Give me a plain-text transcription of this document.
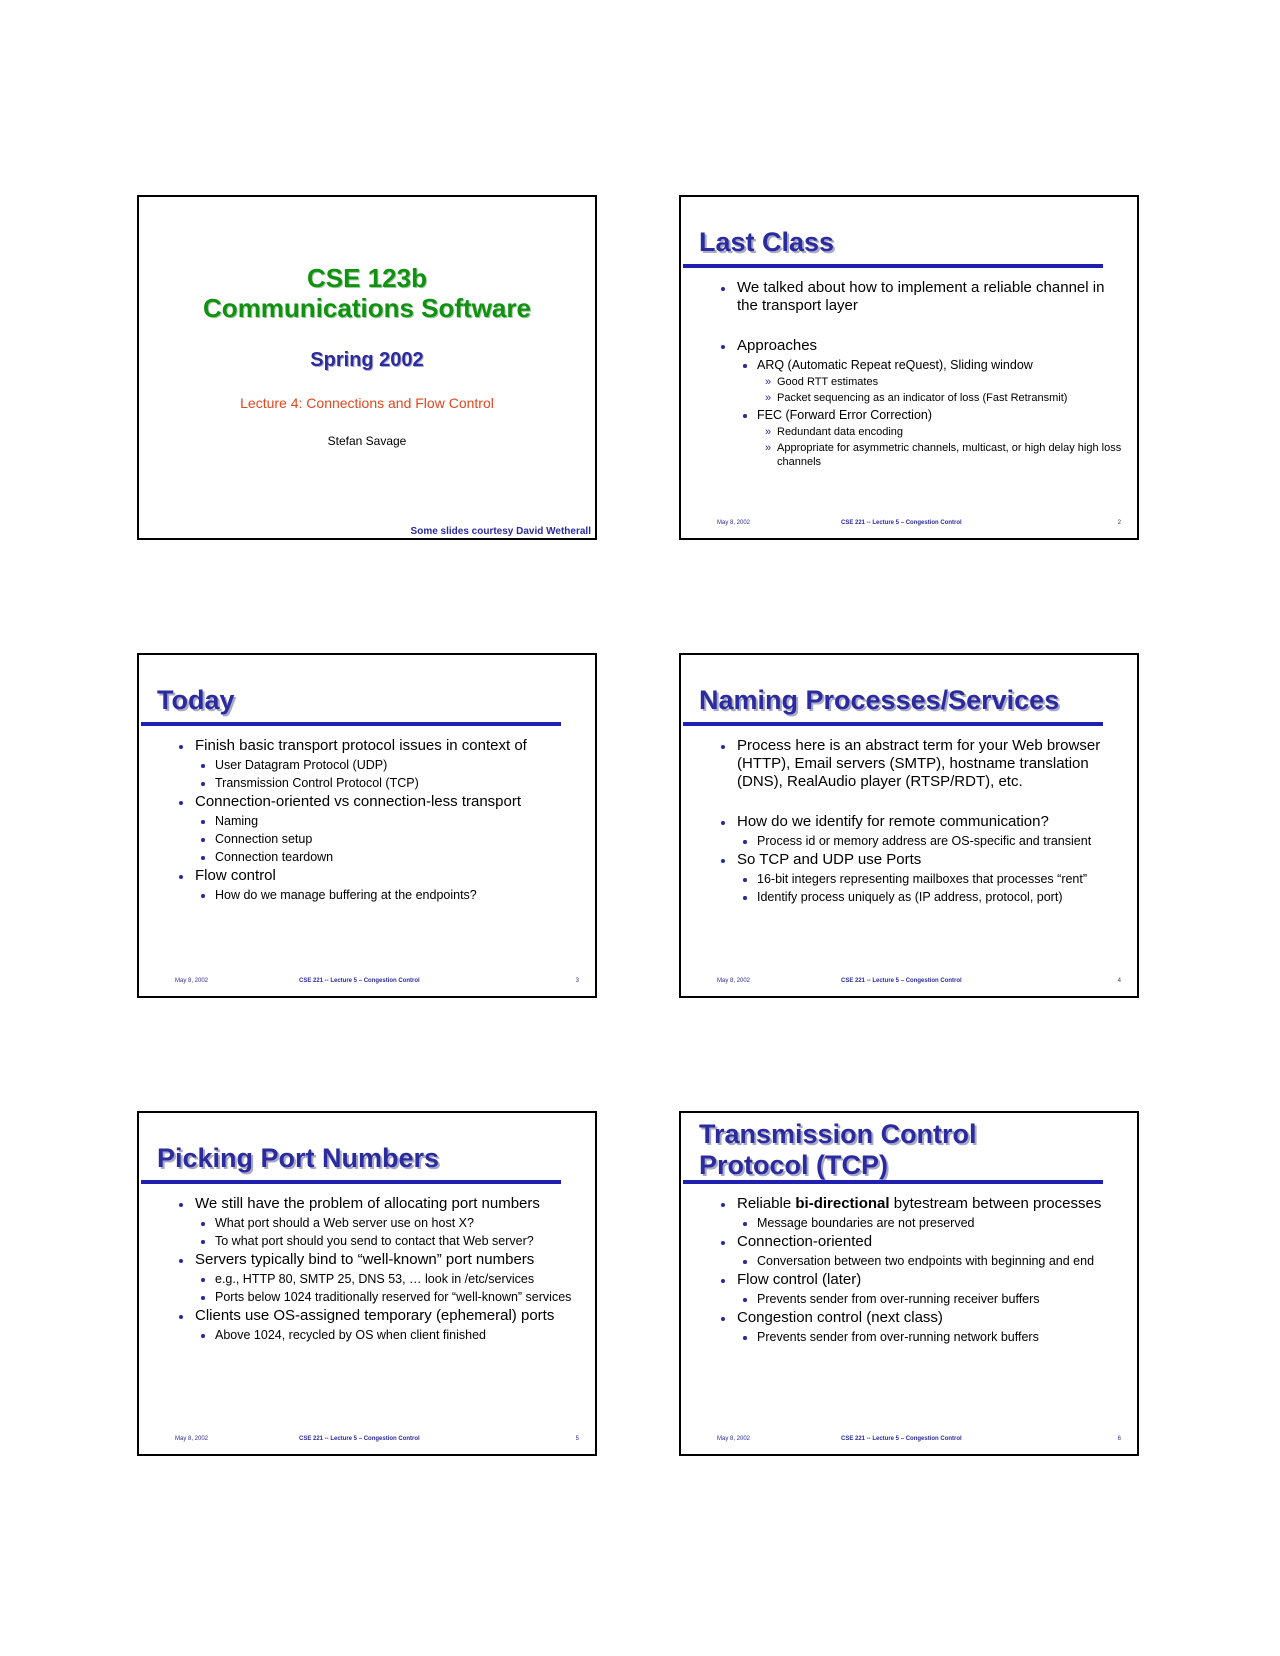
CSE 123b
Communications Software
Spring 2002
Lecture 4: Connections and Flow Control
Stefan Savage
Some slides courtesy David Wetherall
Last Class
We talked about how to implement a reliable channel in the transport layer
Approaches
ARQ (Automatic Repeat reQuest), Sliding window
» Good RTT estimates
» Packet sequencing as an indicator of loss (Fast Retransmit)
FEC (Forward Error Correction)
» Redundant data encoding
» Appropriate for asymmetric channels, multicast, or high delay high loss channels
May 8, 2002	CSE 221 -- Lecture 5 – Congestion Control	2
Today
Finish basic transport protocol issues in context of
User Datagram Protocol (UDP)
Transmission Control Protocol (TCP)
Connection-oriented vs connection-less transport
Naming
Connection setup
Connection teardown
Flow control
How do we manage buffering at the endpoints?
May 8, 2002	CSE 221 -- Lecture 5 – Congestion Control	3
Naming Processes/Services
Process here is an abstract term for your Web browser (HTTP), Email servers (SMTP), hostname translation (DNS), RealAudio player (RTSP/RDT), etc.
How do we identify for remote communication?
Process id or memory address are OS-specific and transient
So TCP and UDP use Ports
16-bit integers representing mailboxes that processes “rent”
Identify process uniquely as (IP address, protocol, port)
May 8, 2002	CSE 221 -- Lecture 5 – Congestion Control	4
Picking Port Numbers
We still have the problem of allocating port numbers
What port should a Web server use on host X?
To what port should you send to contact that Web server?
Servers typically bind to “well-known” port numbers
e.g., HTTP 80, SMTP 25, DNS 53, … look in /etc/services
Ports below 1024 traditionally reserved for “well-known” services
Clients use OS-assigned temporary (ephemeral) ports
Above 1024, recycled by OS when client finished
May 8, 2002	CSE 221 -- Lecture 5 – Congestion Control	5
Transmission Control
Protocol (TCP)
Reliable bi-directional bytestream between processes
Message boundaries are not preserved
Connection-oriented
Conversation between two endpoints with beginning and end
Flow control (later)
Prevents sender from over-running receiver buffers
Congestion control (next class)
Prevents sender from over-running network buffers
May 8, 2002	CSE 221 -- Lecture 5 – Congestion Control	6
